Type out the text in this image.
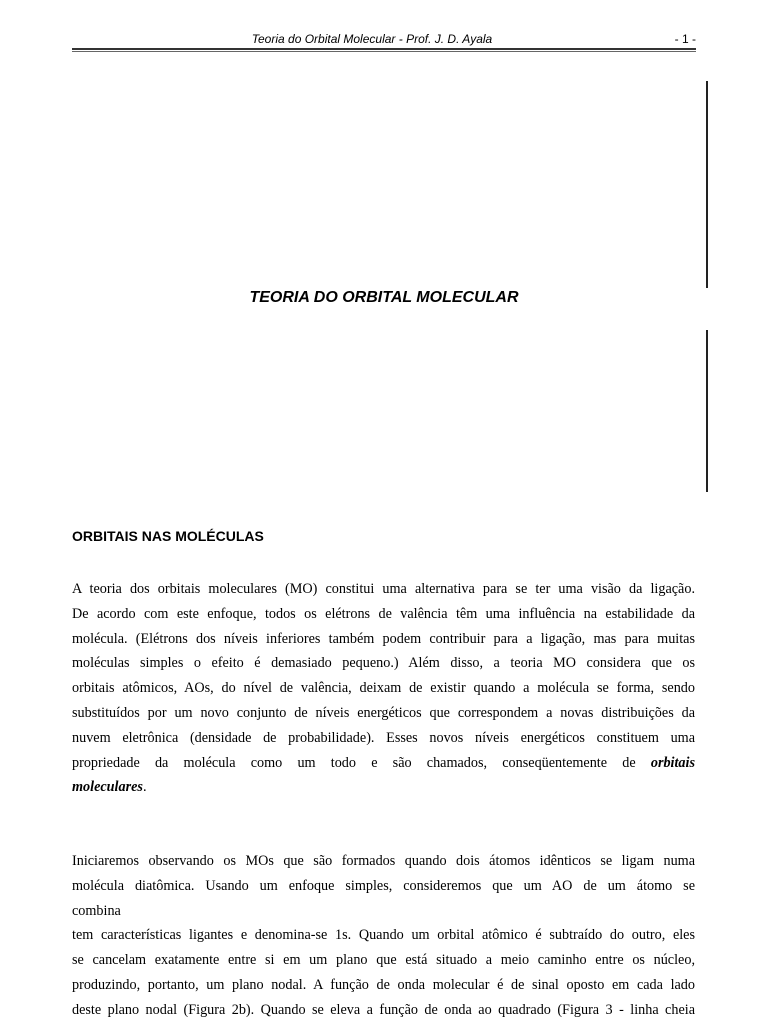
Teoria do Orbital Molecular - Prof. J. D. Ayala	- 1 -
TEORIA DO ORBITAL MOLECULAR
ORBITAIS NAS MOLÉCULAS
A teoria dos orbitais moleculares (MO) constitui uma alternativa para se ter uma visão da ligação.
De acordo com este enfoque, todos os elétrons de valência têm uma influência na estabilidade da
molécula. (Elétrons dos níveis inferiores também podem contribuir para a ligação, mas para muitas
moléculas simples o efeito é demasiado pequeno.) Além disso, a teoria MO considera que os
orbitais atômicos, AOs, do nível de valência, deixam de existir quando a molécula se forma, sendo
substituídos por um novo conjunto de níveis energéticos que correspondem a novas distribuições da
nuvem eletrônica (densidade de probabilidade). Esses novos níveis energéticos constituem uma
propriedade da molécula como um todo e são chamados, conseqüentemente de orbitais
moleculares.
Iniciaremos observando os MOs que são formados quando dois átomos idênticos se ligam numa
molécula diatômica. Usando um enfoque simples, consideremos que um AO de um átomo se
combina
tem características ligantes e denomina-se 1s. Quando um orbital atômico é subtraído do outro, eles
se cancelam exatamente entre si em um plano que está situado a meio caminho entre os núcleo,
produzindo, portanto, um plano nodal. A função de onda molecular é de sinal oposto em cada lado
deste plano nodal (Figura 2b). Quando se eleva a função de onda ao quadrado (Figura 3 - linha cheia
